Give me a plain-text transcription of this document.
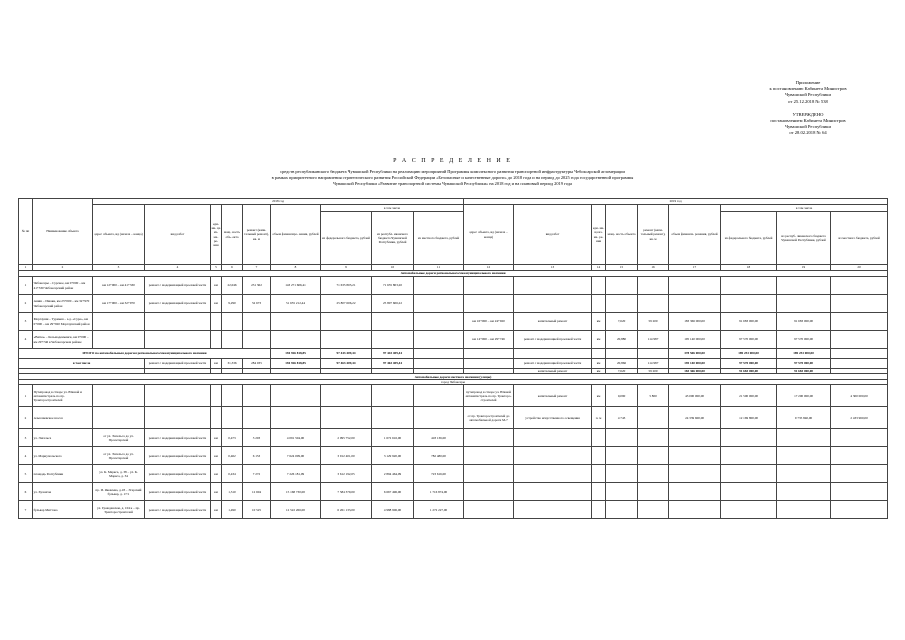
Приложение
к постановлению Кабинета Министров
Чувашской Республики
от 25.12.2018 № 538
УТВЕРЖДЕНО
постановлением Кабинета Министров
Чувашской Республики
от 28.02.2018 № 64
Р А С П Р Е Д Е Л Е Н И Е
средств республиканского бюджета Чувашской Республики на реализацию мероприятий Программы комплексного развития транспортной инфраструктуры Чебоксарской агломерации
в рамках приоритетного направления стратегического развития Российской Федерации «Безопасные и качественные дороги» до 2018 года и на период до 2025 года государственной программы
Чувашской Республики «Развитие транспортной системы Чувашской Республики» на 2018 год и на плановый период 2019 года
№ пп	Наименование объекта	2018 год									2019 год								
		адрес объекта, ид (начала – конца)	вид работ	еди- ни- ца из- ме- ре- ния	мощ- ность объ- екта	ремонт (капи- тальный ремонт), кв. м	объем финансиро- вания, рублей	в том числе			адрес объекта, ид (начала – конца)	вид работ	еди- ни- ца из- ме- ре- ния	мощ- ность объекта	ремонт (капи- тальный ремонт), кв. м	объем финанси- рования, рублей	в том числе		
								из федерального бюджета, рублей	из республ- иканского бюджета Чувашской Республики, рублей	из местного бюджета, рублей							из федерального бюджета, рублей	из респуб- ликанского бюджета Чувашской Республики, рублей	из местного бюджета, рублей
1	2	3	4	5	6	7	8	9	10	11	12	13	14	15	16	17	18	19	20
Автомобильные дороги регионального/межмуниципального значения																			
1	Чебоксары – Сурское, км 0+000 – км 41+330 Чебоксарский район	км 12+000 – км 41+330	ремонт с модернизацией проезжей части	км	22,046	231 362	143 271 606,41	71 635 803,21	71 635 803,20										
2	Аниш – Ишаки, км 23+000 – км 32+970 Чебоксарский район	км 17+000 – км 32+970	ремонт с модернизацией проезжей части	км	9,290	52 673	51 655 212,44	25 807 606,22	25 807 606,22										
3	Моргауши – Турмыш – а.д. «Сура», км 0+000 – км 29+920 Моргаушский район										км 16+000 – км 24+920	капитальный ремонт	км	7,620	59 200	183 366 000,00	91 683 000,00	91 683 000,00	
4	«Вятка» – Козьмодемьянск, км 0+000 – км 29+746 в Чебоксарском районе										км 14+000 – км 29+746	ремонт с модернизацией проезжей части	км	20,880	114 987	195 140 000,00	97 570 000,00	97 570 000,00	
ИТОГО по автомобильным дорогам регионального/межмуниципального значения							194 926 818,85	97 443 409,44	97 443 409,44							378 506 000,00	189 253 000,00	189 253 000,00	
в том числе			ремонт с модернизацией проезжей части	км	31,336	284 035	194 926 818,85	97 463 409,44	97 463 409,44			ремонт с модернизацией проезжей части	км	20,866	114 987	195 140 000,00	97 570 000,00	97 570 000,00	
												капитальный ремонт	км	7,620	59 200	183 366 000,00	91 683 000,00	91 683 000,00	
Автомобильные дороги местного значения (улицы)																			
город Чебоксары																			
1	Путепровод в створе ул. Южной и автомагистраль по пр. Тракторостроителей										путепровод в створе ул. Южной автомагистраль по пр. Тракторо- строителей	капитальный ремонт	км	0,090	5 800	43 000 000,00	21 500 000,00	17 200 000,00	4 300 000,00
2	Альгешевское шоссе										от пр. Тракторостроителей до автомобильной дороги М-7	устройство искусственного освещения	п. м	4 743		24 339 600,00	12 169 800,00	9 735 840,00	2 433 960,00
3	ул. Энгельса	от ул. Энгельса до ул. Пролетарской	ремонт с модернизацией проезжей части	км	0,473	3 203	4 091 504,00	2 095 752,00	1 672 616,00	418 136,00									
4	ул. Мариупольского	от ул. Энгельса до ул. Пролетарской	ремонт с модернизацией проезжей части	км	0,462	6 153	7 624 009,00	3 912 401,00	3 129 920,00	782 480,00									
5	площадь Республики	ул. К. Маркса, д. 38 – ул. К. Маркса, д. 34	ремонт с модернизацией проезжей части	км	0,434	7 272	7 226 181,09	3 612 192,05	2 894 464,09	723 616,00									
6	ул. Хузангая	пр. И. Яковлева, д.18 – Эгерский бульвар, д. 17/1	ремонт с модернизацией проезжей части	км	1,310	12 604	15 168 730,00	7 584 379,00	6 667 496,00	1 716 874,00									
7	бульвар Миттова	ул. Гражданская, д. 104 к – пр. Тракторостроителей	ремонт с модернизацией проезжей части	км	1,490	10 525	12 522 266,00	6 261 133,00	4 988 906,00	1 272 227,00									
